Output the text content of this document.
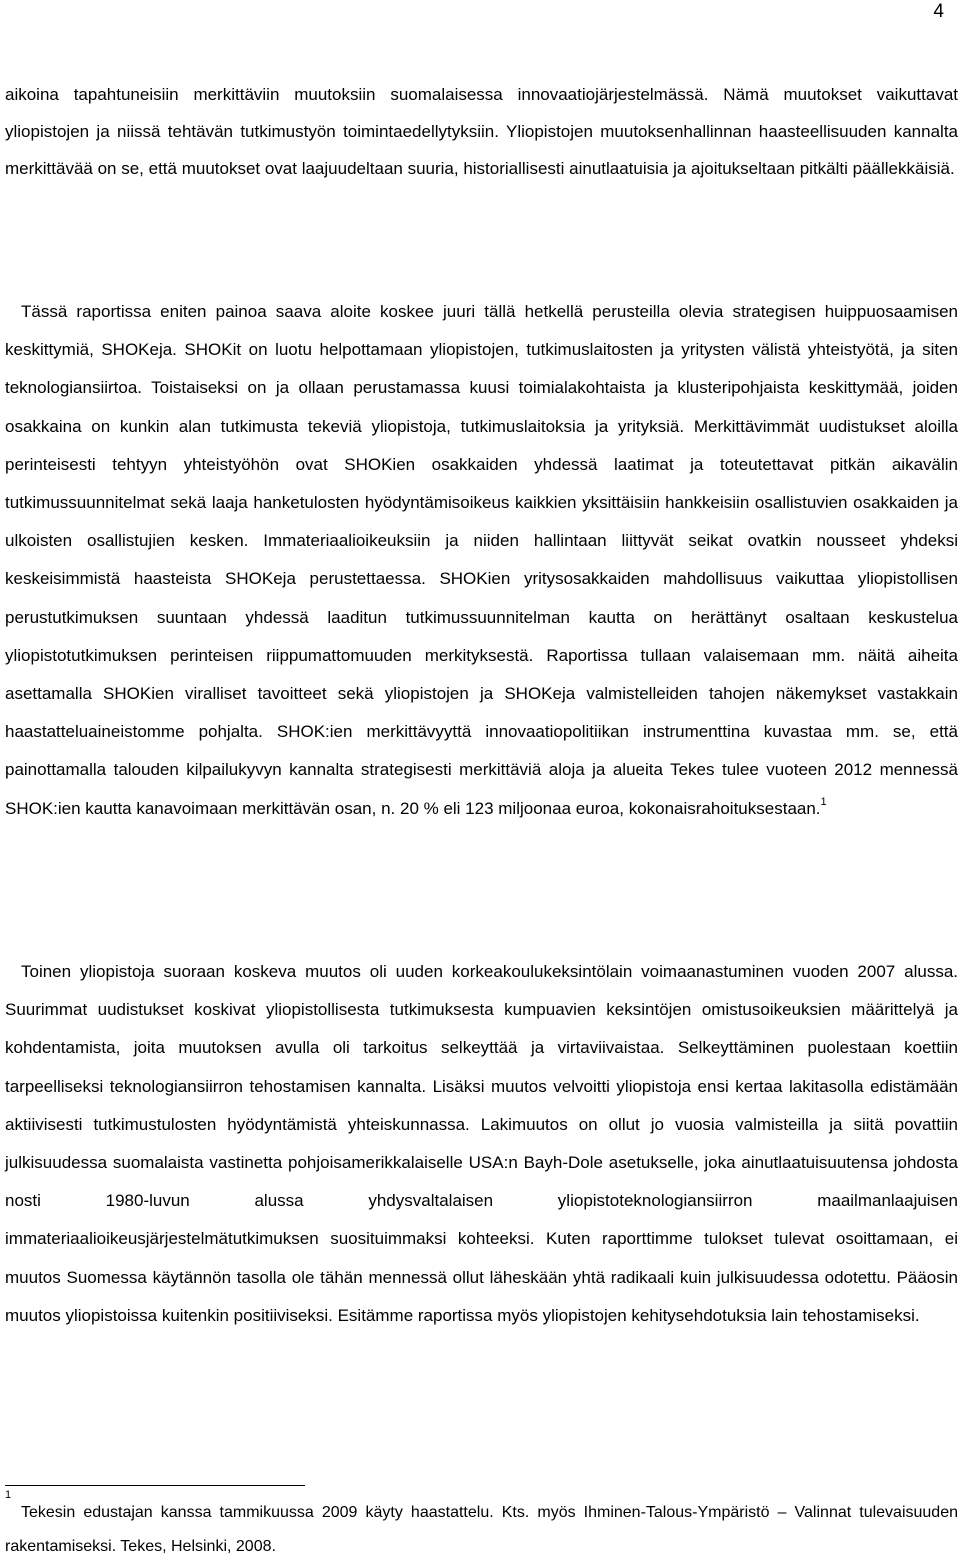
4

aikoina tapahtuneisiin merkittäviin muutoksiin suomalaisessa innovaatiojärjestelmässä. Nämä muutokset vaikuttavat yliopistojen ja niissä tehtävän tutkimustyön toimintaedellytyksiin. Yliopistojen muutoksenhallinnan haasteellisuuden kannalta merkittävää on se, että muutokset ovat laajuudeltaan suuria, historiallisesti ainutlaatuisia ja ajoitukseltaan pitkälti päällekkäisiä.

Tässä raportissa eniten painoa saava aloite koskee juuri tällä hetkellä perusteilla olevia strategisen huippuosaamisen keskittymiä, SHOKeja. SHOKit on luotu helpottamaan yliopistojen, tutkimuslaitosten ja yritysten välistä yhteistyötä, ja siten teknologiansiirtoa. Toistaiseksi on ja ollaan perustamassa kuusi toimialakohtaista ja klusteripohjaista keskittymää, joiden osakkaina on kunkin alan tutkimusta tekeviä yliopistoja, tutkimuslaitoksia ja yrityksiä. Merkittävimmät uudistukset aloilla perinteisesti tehtyyn yhteistyöhön ovat SHOKien osakkaiden yhdessä laatimat ja toteutettavat pitkän aikavälin tutkimussuunnitelmat sekä laaja hanketulosten hyödyntämisoikeus kaikkien yksittäisiin hankkeisiin osallistuvien osakkaiden ja ulkoisten osallistujien kesken. Immateriaalioikeuksiin ja niiden hallintaan liittyvät seikat ovatkin nousseet yhdeksi keskeisimmistä haasteista SHOKeja perustettaessa. SHOKien yritysosakkaiden mahdollisuus vaikuttaa yliopistollisen perustutkimuksen suuntaan yhdessä laaditun tutkimussuunnitelman kautta on herättänyt osaltaan keskustelua yliopistotutkimuksen perinteisen riippumattomuuden merkityksestä. Raportissa tullaan valaisemaan mm. näitä aiheita asettamalla SHOKien viralliset tavoitteet sekä yliopistojen ja SHOKeja valmistelleiden tahojen näkemykset vastakkain haastatteluaineistomme pohjalta. SHOK:ien merkittävyyttä innovaatiopolitiikan instrumenttina kuvastaa mm. se, että painottamalla talouden kilpailukyvyn kannalta strategisesti merkittäviä aloja ja alueita Tekes tulee vuoteen 2012 mennessä SHOK:ien kautta kanavoimaan merkittävän osan, n. 20 % eli 123 miljoonaa euroa, kokonaisrahoituksestaan.$^1$

Toinen yliopistoja suoraan koskeva muutos oli uuden korkeakoulukeksintölain voimaanastuminen vuoden 2007 alussa. Suurimmat uudistukset koskivat yliopistollisesta tutkimuksesta kumpuavien keksintöjen omistusoikeuksien määrittelyä ja kohdentamista, joita muutoksen avulla oli tarkoitus selkeyttää ja virtaviivaistaa. Selkeyttäminen puolestaan koettiin tarpeelliseksi teknologiansiirron tehostamisen kannalta. Lisäksi muutos velvoitti yliopistoja ensi kertaa lakitasolla edistämään aktiivisesti tutkimustulosten hyödyntämistä yhteiskunnassa. Lakimuutos on ollut jo vuosia valmisteilla ja siitä povattiin julkisuudessa suomalaista vastinetta pohjoisamerikkalaiselle USA:n Bayh-Dole asetukselle, joka ainutlaatuisuutensa johdosta nosti 1980-luvun alussa yhdysvaltalaisen yliopistoteknologiansiirron maailmanlaajuisen immateriaalioikeusjärjestelmätutkimuksen suosituimmaksi kohteeksi. Kuten raporttimme tulokset tulevat osoittamaan, ei muutos Suomessa käytännön tasolla ole tähän mennessä ollut läheskään yhtä radikaali kuin julkisuudessa odotettu. Pääosin muutos yliopistoissa kuitenkin positiiviseksi. Esitämme raportissa myös yliopistojen kehitysehdotuksia lain tehostamiseksi.

1
Tekesin edustajan kanssa tammikuussa 2009 käyty haastattelu. Kts. myös Ihminen-Talous-Ympäristö – Valinnat tulevaisuuden rakentamiseksi. Tekes, Helsinki, 2008.
